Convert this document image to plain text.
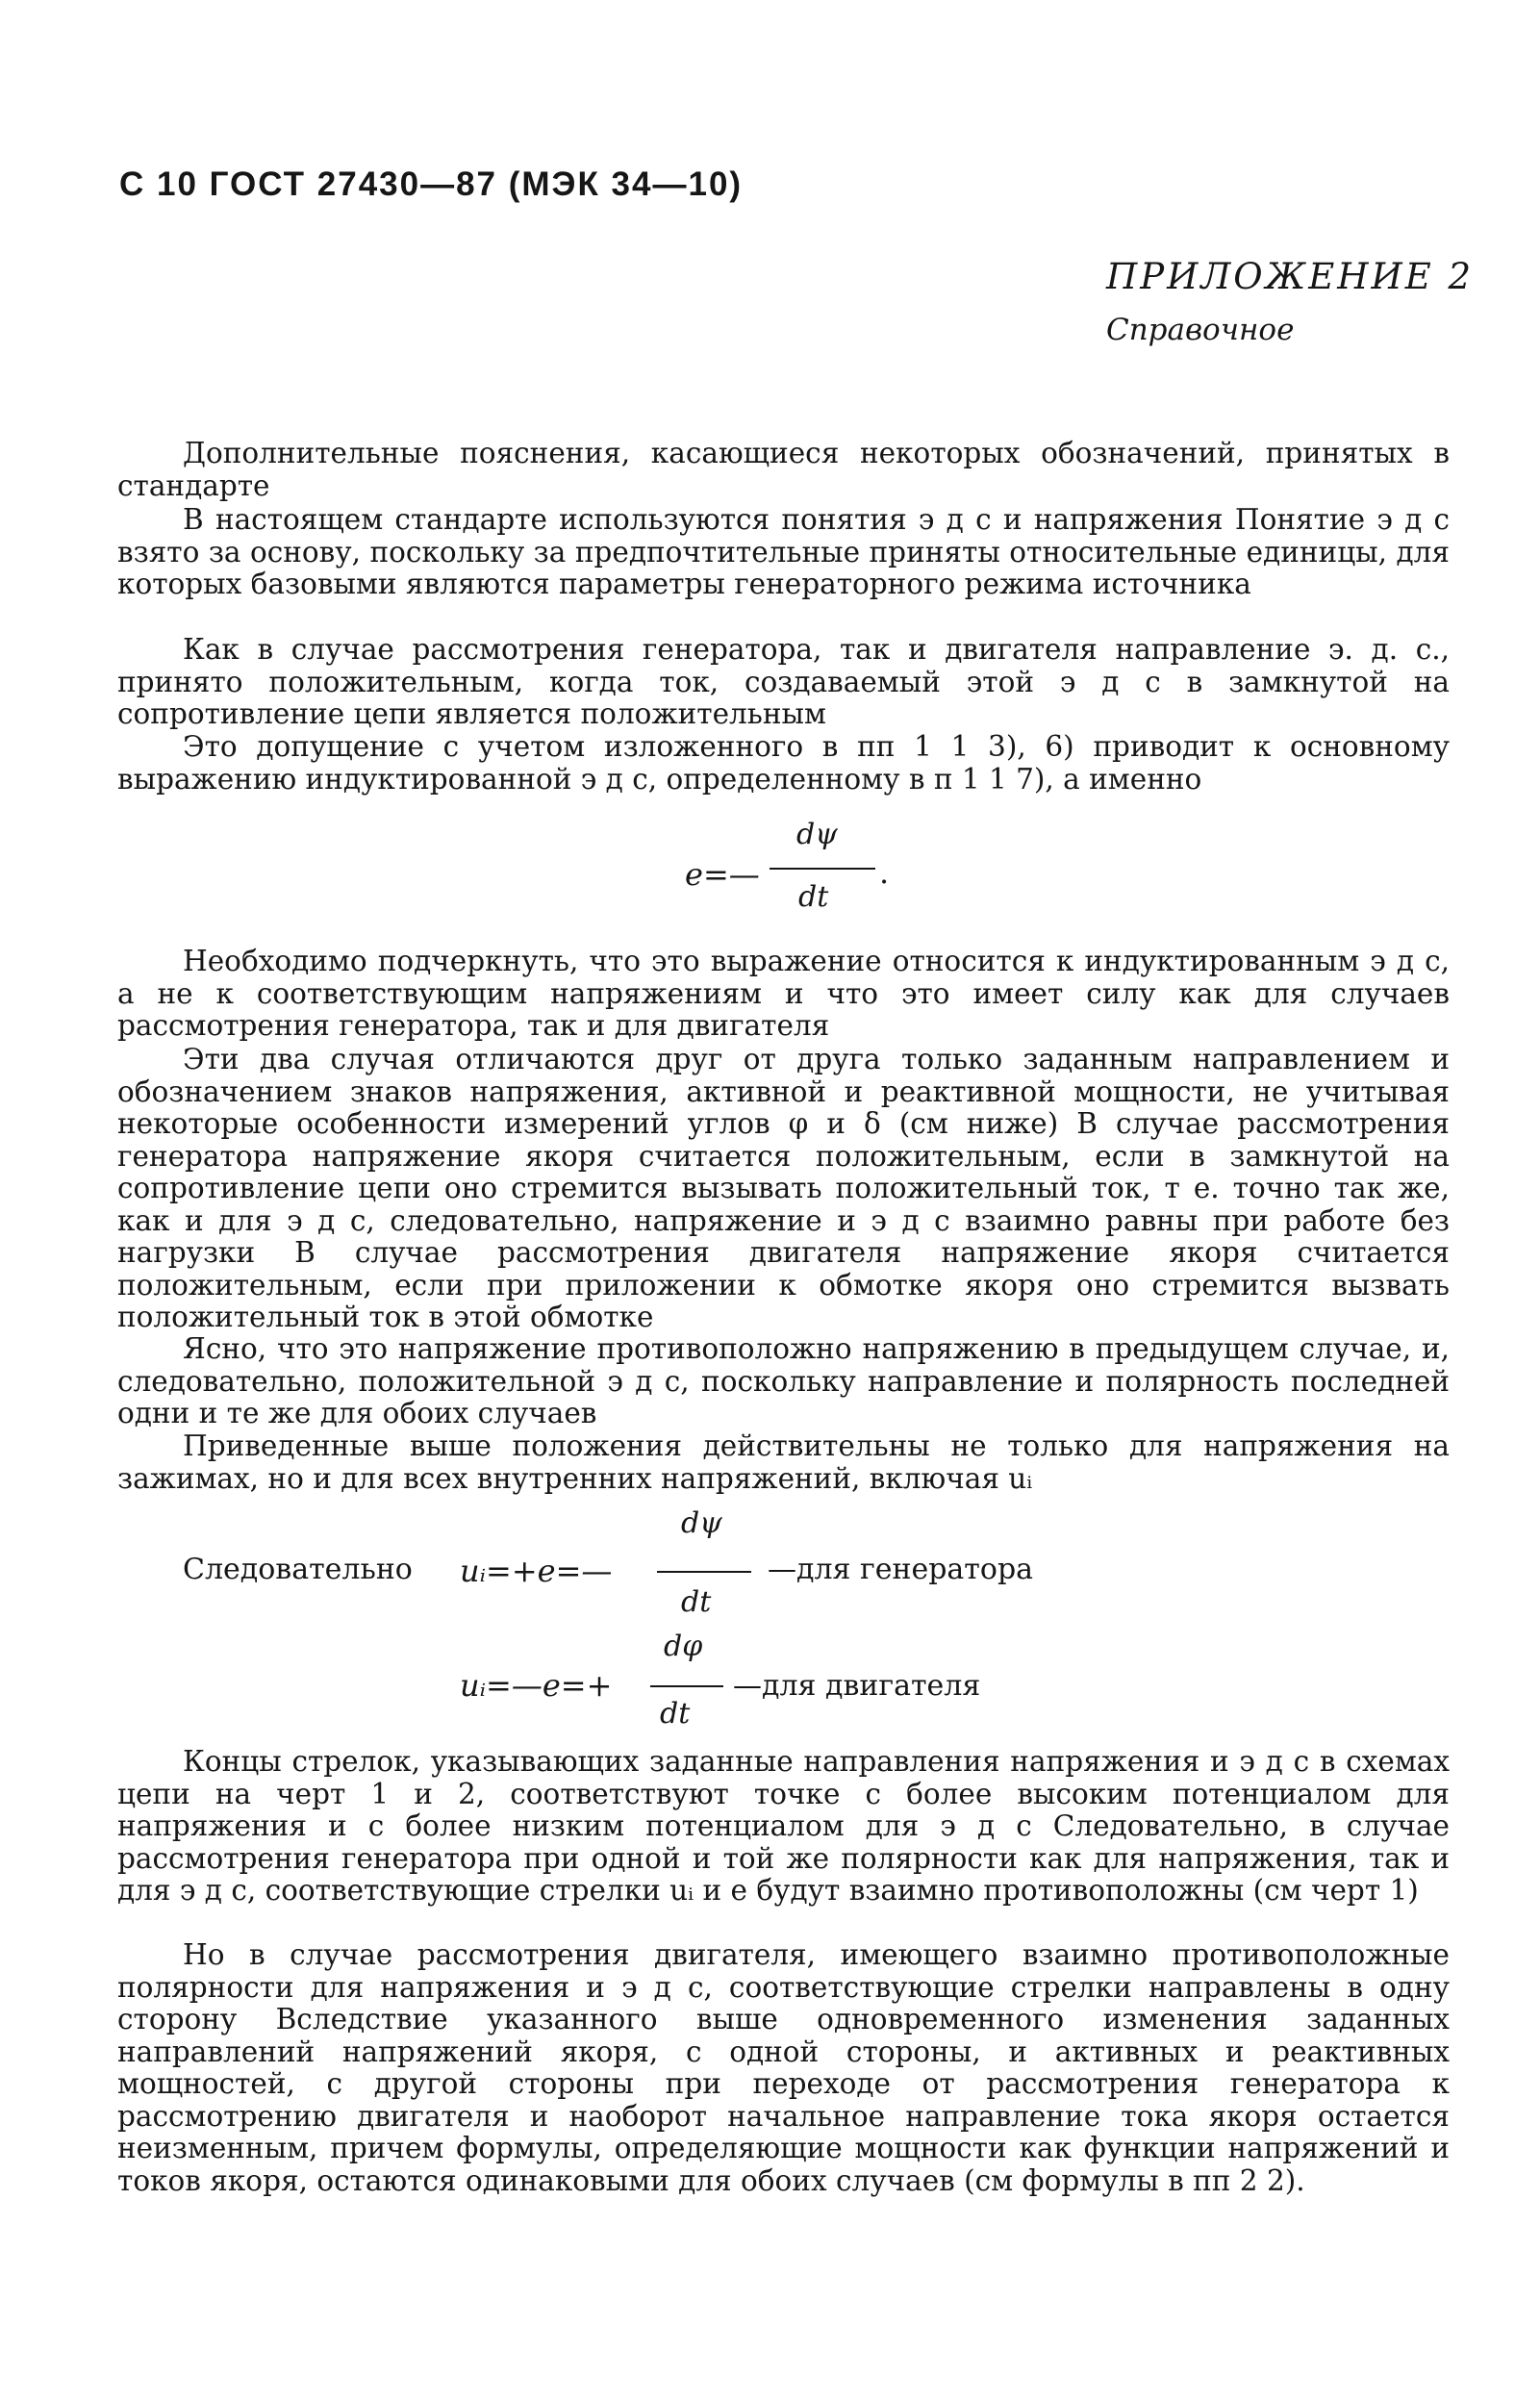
С 10 ГОСТ 27430—87 (МЭК 34—10)
ПРИЛОЖЕНИЕ 2
Справочное

Дополнительные пояснения, касающиеся некоторых обозначений, принятых в стандарте

В настоящем стандарте используются понятия э д с и напряжения Понятие э д с взято за основу, поскольку за предпочтительные приняты относительные единицы, для которых базовыми являются параметры генераторного режима источника

Как в случае рассмотрения генератора, так и двигателя направление э. д. с., принято положительным, когда ток, создаваемый этой э д с в замкнутой на сопротивление цепи является положительным

Это допущение с учетом изложенного в пп 1 1 3), 6) приводит к основному выражению индуктированной э д с, определенному в п 1 1 7), а именно

e=—
dψ
dt
.

Необходимо подчеркнуть, что это выражение относится к индуктированным э д с, а не к соответствующим напряжениям и что это имеет силу как для случаев рассмотрения генератора, так и для двигателя

Эти два случая отличаются друг от друга только заданным направлением и обозначением знаков напряжения, активной и реактивной мощности, не учитывая некоторые особенности измерений углов φ и δ (см ниже) В случае рассмотрения генератора напряжение якоря считается положительным, если в замкнутой на сопротивление цепи оно стремится вызывать положительный ток, т е. точно так же, как и для э д с, следовательно, напряжение и э д с взаимно равны при работе без нагрузки В случае рассмотрения двигателя напряжение якоря считается положительным, если при приложении к обмотке якоря оно стремится вызвать положительный ток в этой обмотке

Ясно, что это напряжение противоположно напряжению в предыдущем случае, и, следовательно, положительной э д с, поскольку направление и полярность последней одни и те же для обоих случаев

Приведенные выше положения действительны не только для напряжения на зажимах, но и для всех внутренних напряжений, включая uᵢ

Следовательно uᵢ=+e=—
dψ
dt
—для генератора
uᵢ=—e=+
dφ
dt
—для двигателя

Концы стрелок, указывающих заданные направления напряжения и э д с в схемах цепи на черт 1 и 2, соответствуют точке с более высоким потенциалом для напряжения и с более низким потенциалом для э д с Следовательно, в случае рассмотрения генератора при одной и той же полярности как для напряжения, так и для э д с, соответствующие стрелки uᵢ и e будут взаимно противоположны (см черт 1)

Но в случае рассмотрения двигателя, имеющего взаимно противоположные полярности для напряжения и э д с, соответствующие стрелки направлены в одну сторону Вследствие указанного выше одновременного изменения заданных направлений напряжений якоря, с одной стороны, и активных и реактивных мощностей, с другой стороны при переходе от рассмотрения генератора к рассмотрению двигателя и наоборот начальное направление тока якоря остается неизменным, причем формулы, определяющие мощности как функции напряжений и токов якоря, остаются одинаковыми для обоих случаев (см формулы в пп 2 2).
